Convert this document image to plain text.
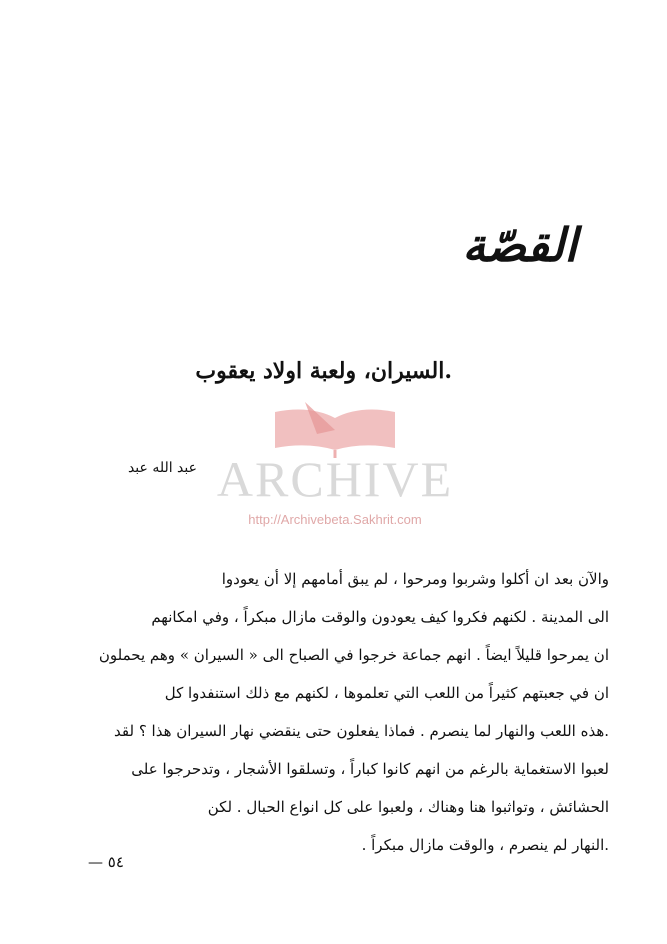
القصّة
.السيران، ولعبة اولاد يعقوب
ARCHIVE
http://Archivebeta.Sakhrit.com
عبد الله عبد
والآن بعد ان أكلوا وشربوا ومرحوا ، لم يبق أمامهم إلا أن يعودوا
الى المدينة . لكنهم فكروا كيف يعودون والوقت مازال مبكراً ، وفي امكانهم
ان يمرحوا قليلاً ايضاً . انهم جماعة خرجوا في الصباح الى « السيران » وهم يحملون
ان في جعبتهم كثيراً من اللعب التي تعلموها ، لكنهم مع ذلك استنفدوا كل
.هذه اللعب والنهار لما ينصرم . فماذا يفعلون حتى ينقضي نهار السيران هذا ؟ لقد
لعبوا الاستغماية بالرغم من انهم كانوا كباراً ، وتسلقوا الأشجار ، وتدحرجوا على
الحشائش ، وتواثبوا هنا وهناك ، ولعبوا على كل انواع الحبال . لكن
.النهار لم ينصرم ، والوقت مازال مبكراً .
٥٤ —
